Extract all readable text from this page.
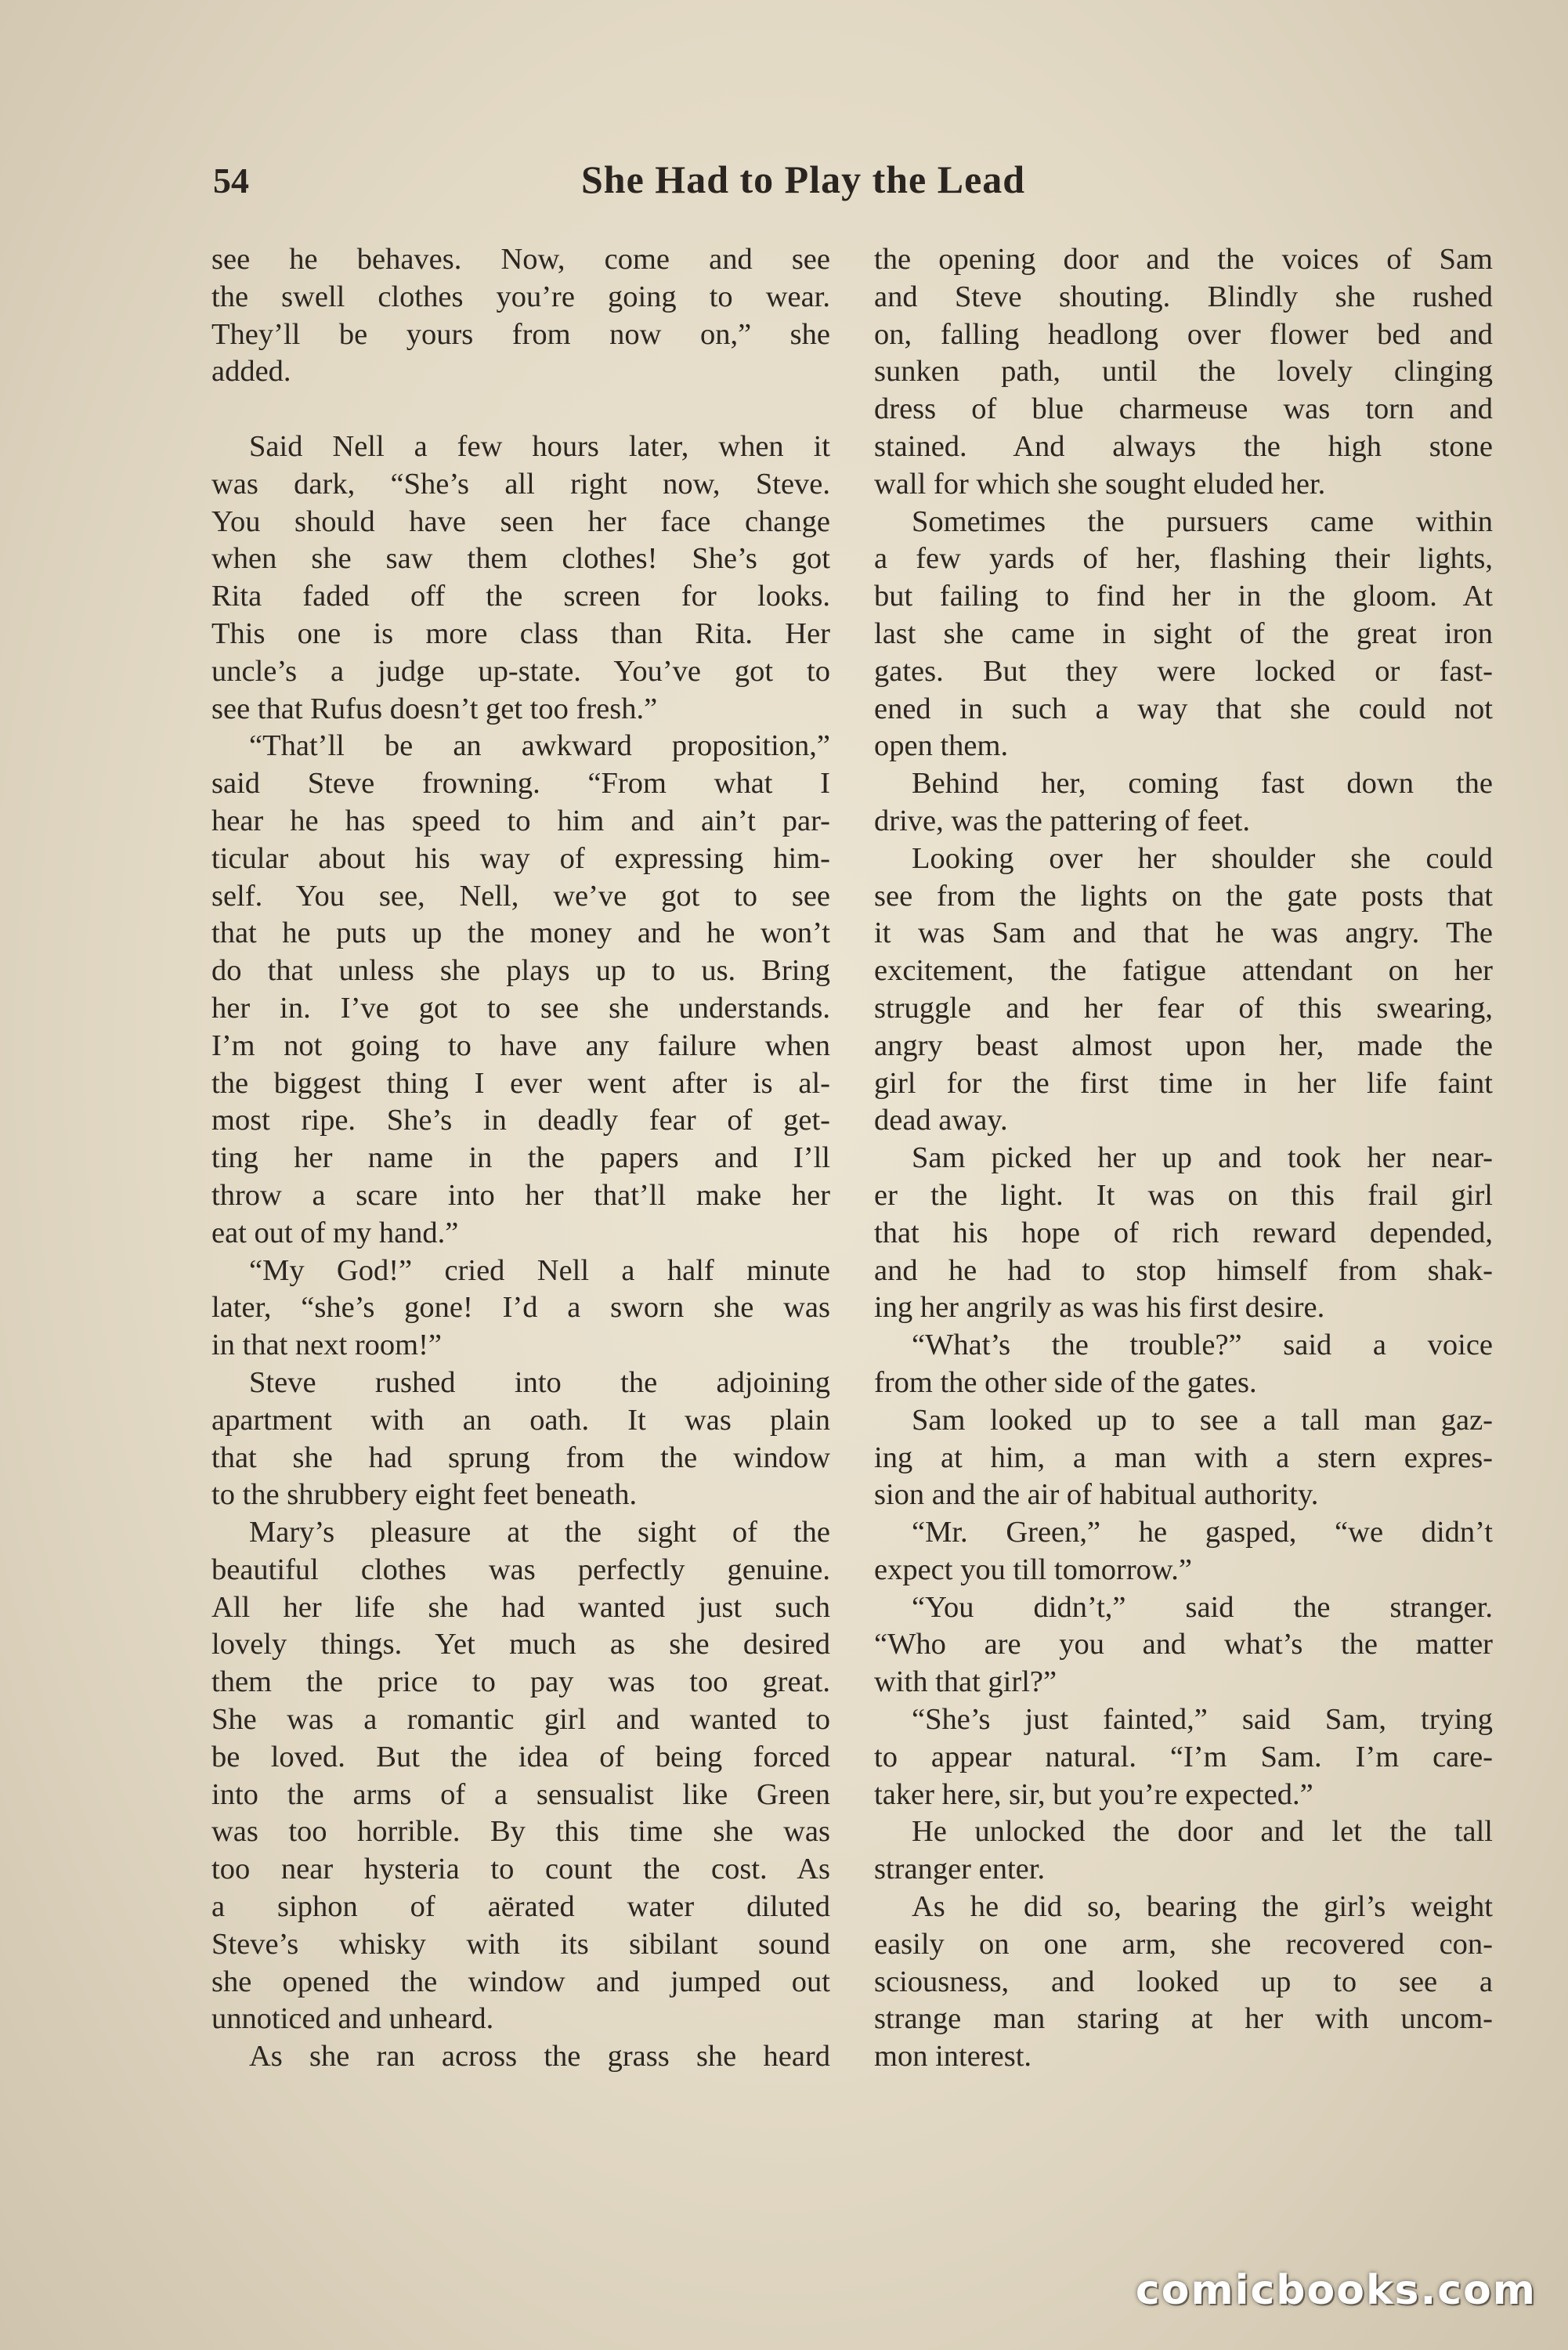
54	She Had to Play the Lead
see he behaves. Now, come and see
the swell clothes you’re going to wear.
They’ll be yours from now on,” she
added.
Said Nell a few hours later, when it
was dark, “She’s all right now, Steve.
You should have seen her face change
when she saw them clothes! She’s got
Rita faded off the screen for looks.
This one is more class than Rita. Her
uncle’s a judge up-state. You’ve got to
see that Rufus doesn’t get too fresh.”
“That’ll be an awkward proposition,”
said Steve frowning. “From what I
hear he has speed to him and ain’t par-
ticular about his way of expressing him-
self. You see, Nell, we’ve got to see
that he puts up the money and he won’t
do that unless she plays up to us. Bring
her in. I’ve got to see she understands.
I’m not going to have any failure when
the biggest thing I ever went after is al-
most ripe. She’s in deadly fear of get-
ting her name in the papers and I’ll
throw a scare into her that’ll make her
eat out of my hand.”
“My God!” cried Nell a half minute
later, “she’s gone! I’d a sworn she was
in that next room!”
Steve rushed into the adjoining
apartment with an oath. It was plain
that she had sprung from the window
to the shrubbery eight feet beneath.
Mary’s pleasure at the sight of the
beautiful clothes was perfectly genuine.
All her life she had wanted just such
lovely things. Yet much as she desired
them the price to pay was too great.
She was a romantic girl and wanted to
be loved. But the idea of being forced
into the arms of a sensualist like Green
was too horrible. By this time she was
too near hysteria to count the cost. As
a siphon of aërated water diluted
Steve’s whisky with its sibilant sound
she opened the window and jumped out
unnoticed and unheard.
As she ran across the grass she heard
the opening door and the voices of Sam
and Steve shouting. Blindly she rushed
on, falling headlong over flower bed and
sunken path, until the lovely clinging
dress of blue charmeuse was torn and
stained. And always the high stone
wall for which she sought eluded her.
Sometimes the pursuers came within
a few yards of her, flashing their lights,
but failing to find her in the gloom. At
last she came in sight of the great iron
gates. But they were locked or fast-
ened in such a way that she could not
open them.
Behind her, coming fast down the
drive, was the pattering of feet.
Looking over her shoulder she could
see from the lights on the gate posts that
it was Sam and that he was angry. The
excitement, the fatigue attendant on her
struggle and her fear of this swearing,
angry beast almost upon her, made the
girl for the first time in her life faint
dead away.
Sam picked her up and took her near-
er the light. It was on this frail girl
that his hope of rich reward depended,
and he had to stop himself from shak-
ing her angrily as was his first desire.
“What’s the trouble?” said a voice
from the other side of the gates.
Sam looked up to see a tall man gaz-
ing at him, a man with a stern expres-
sion and the air of habitual authority.
“Mr. Green,” he gasped, “we didn’t
expect you till tomorrow.”
“You didn’t,” said the stranger.
“Who are you and what’s the matter
with that girl?”
“She’s just fainted,” said Sam, trying
to appear natural. “I’m Sam. I’m care-
taker here, sir, but you’re expected.”
He unlocked the door and let the tall
stranger enter.
As he did so, bearing the girl’s weight
easily on one arm, she recovered con-
sciousness, and looked up to see a
strange man staring at her with uncom-
mon interest.
comicbooks.com
